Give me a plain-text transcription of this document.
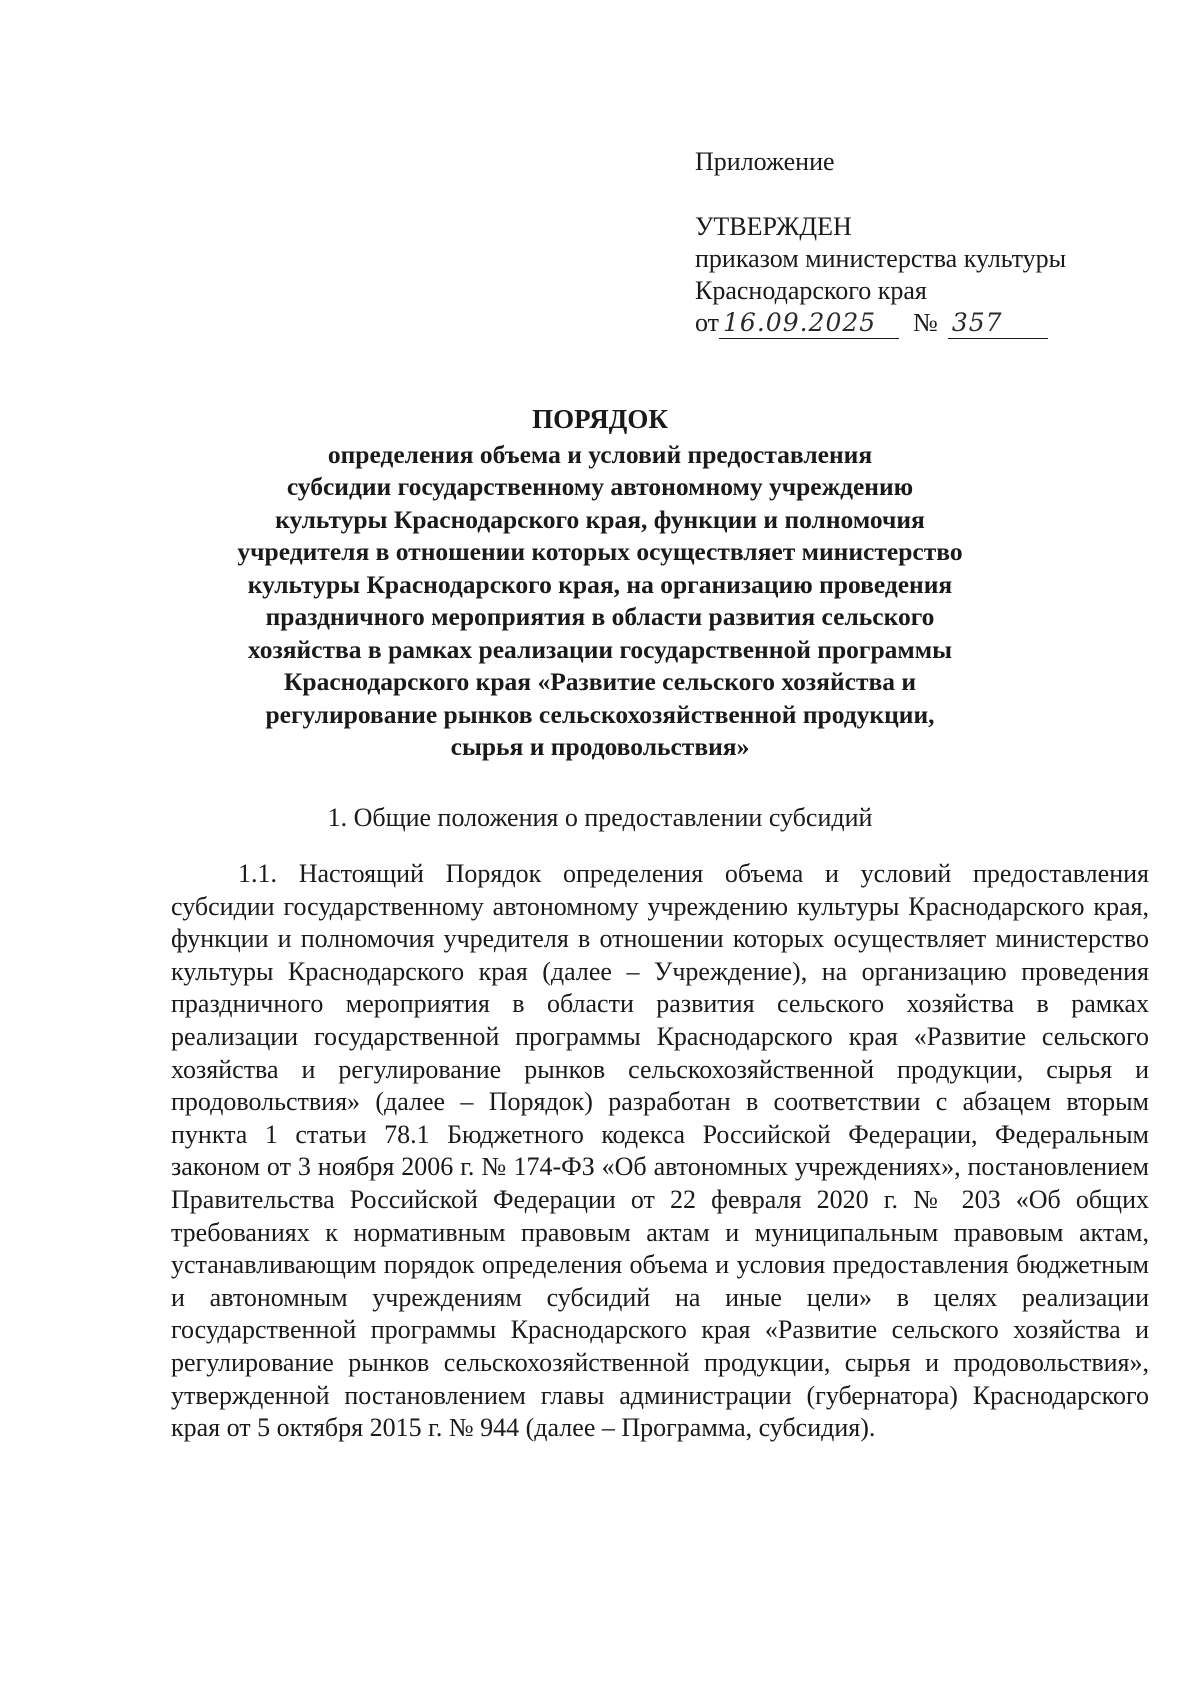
Приложение
УТВЕРЖДЕН
приказом министерства культуры
Краснодарского края
от 16.09.2025	№ 357
ПОРЯДОК
определения объема и условий предоставления
субсидии государственному автономному учреждению
культуры Краснодарского края, функции и полномочия
учредителя в отношении которых осуществляет министерство
культуры Краснодарского края, на организацию проведения
праздничного мероприятия в области развития сельского
хозяйства в рамках реализации государственной программы
Краснодарского края «Развитие сельского хозяйства и
регулирование рынков сельскохозяйственной продукции,
сырья и продовольствия»
1. Общие положения о предоставлении субсидий

1.1. Настоящий Порядок определения объема и условий предоставления субсидии государственному автономному учреждению культуры Краснодарского края, функции и полномочия учредителя в отношении которых осуществляет министерство культуры Краснодарского края (далее – Учреждение), на организацию проведения праздничного мероприятия в области развития сельского хозяйства в рамках реализации государственной программы Краснодарского края «Развитие сельского хозяйства и регулирование рынков сельскохозяйственной продукции, сырья и продовольствия» (далее – Порядок) разработан в соответствии с абзацем вторым пункта 1 статьи 78.1 Бюджетного кодекса Российской Федерации, Федеральным законом от 3 ноября 2006 г. № 174-ФЗ «Об автономных учреждениях», постановлением Правительства Российской Федерации от 22 февраля 2020 г. № 203 «Об общих требованиях к нормативным правовым актам и муниципальным правовым актам, устанавливающим порядок определения объема и условия предоставления бюджетным и автономным учреждениям субсидий на иные цели» в целях реализации государственной программы Краснодарского края «Развитие сельского хозяйства и регулирование рынков сельскохозяйственной продукции, сырья и продовольствия», утвержденной постановлением главы администрации (губернатора) Краснодарского края от 5 октября 2015 г. № 944 (далее – Программа, субсидия).
